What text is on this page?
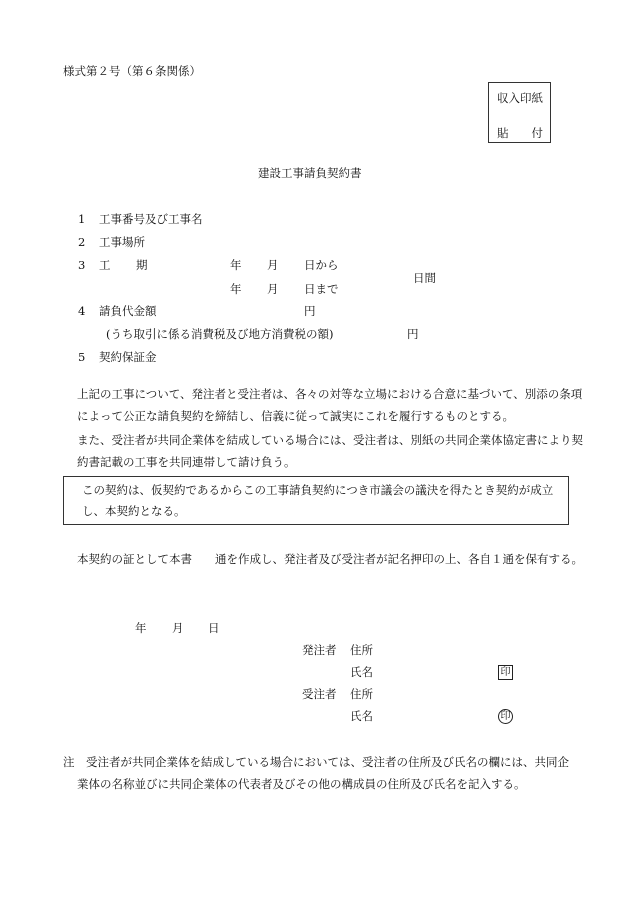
様式第２号（第６条関係）
収入印紙
貼 付
建設工事請負契約書
1 工事番号及び工事名
2 工事場所
3 工 期	年 月 日から
日間
年 月 日まで
4 請負代金額	円
(うち取引に係る消費税及び地方消費税の額)	円
5 契約保証金
上記の工事について、発注者と受注者は、各々の対等な立場における合意に基づいて、別添の条項によって公正な請負契約を締結し、信義に従って誠実にこれを履行するものとする。
また、受注者が共同企業体を結成している場合には、受注者は、別紙の共同企業体協定書により契約書記載の工事を共同連帯して請け負う。
この契約は、仮契約であるからこの工事請負契約につき市議会の議決を得たとき契約が成立し、本契約となる。
本契約の証として本書　　通を作成し、発注者及び受注者が記名押印の上、各自１通を保有する。
年 月 日
発注者 住所
氏名	印
受注者 住所
氏名	印
注　受注者が共同企業体を結成している場合においては、受注者の住所及び氏名の欄には、共同企業体の名称並びに共同企業体の代表者及びその他の構成員の住所及び氏名を記入する。
